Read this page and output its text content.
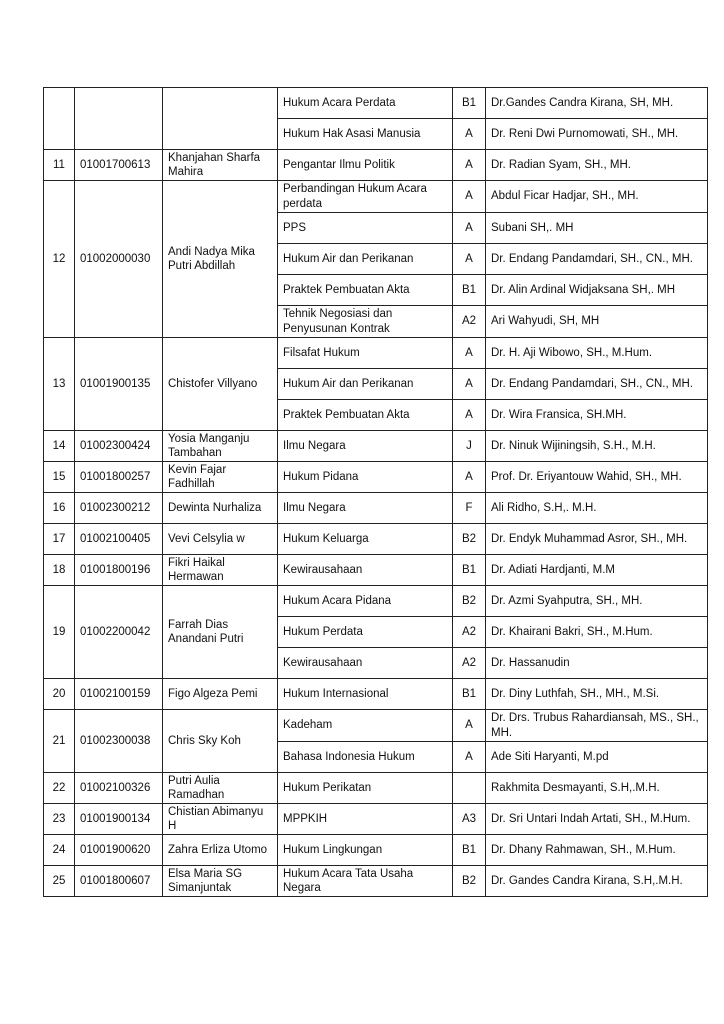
			Hukum Acara Perdata	B1	Dr.Gandes Candra Kirana, SH, MH.
			Hukum Hak Asasi Manusia	A	Dr. Reni Dwi Purnomowati, SH., MH.
11	01001700613	Khanjahan Sharfa Mahira	Pengantar Ilmu Politik	A	Dr. Radian Syam, SH., MH.
12	01002000030	Andi Nadya Mika Putri Abdillah	Perbandingan Hukum Acara perdata	A	Abdul Ficar Hadjar, SH., MH.
			PPS	A	Subani SH,. MH
			Hukum Air dan Perikanan	A	Dr. Endang Pandamdari, SH., CN., MH.
			Praktek Pembuatan Akta	B1	Dr. Alin Ardinal Widjaksana SH,. MH
			Tehnik Negosiasi dan Penyusunan Kontrak	A2	Ari Wahyudi, SH, MH
13	01001900135	Chistofer Villyano	Filsafat Hukum	A	Dr. H. Aji Wibowo, SH., M.Hum.
			Hukum Air dan Perikanan	A	Dr. Endang Pandamdari, SH., CN., MH.
			Praktek Pembuatan Akta	A	Dr. Wira Fransica, SH.MH.
14	01002300424	Yosia Manganju Tambahan	Ilmu Negara	J	Dr. Ninuk Wijiningsih, S.H., M.H.
15	01001800257	Kevin Fajar Fadhillah	Hukum Pidana	A	Prof. Dr. Eriyantouw Wahid, SH., MH.
16	01002300212	Dewinta Nurhaliza	Ilmu Negara	F	Ali Ridho, S.H,. M.H.
17	01002100405	Vevi Celsylia w	Hukum Keluarga	B2	Dr. Endyk Muhammad Asror, SH., MH.
18	01001800196	Fikri Haikal Hermawan	Kewirausahaan	B1	Dr. Adiati Hardjanti, M.M
19	01002200042	Farrah Dias Anandani Putri	Hukum Acara Pidana	B2	Dr. Azmi Syahputra, SH., MH.
			Hukum Perdata	A2	Dr. Khairani Bakri, SH., M.Hum.
			Kewirausahaan	A2	Dr. Hassanudin
20	01002100159	Figo Algeza Pemi	Hukum Internasional	B1	Dr. Diny Luthfah, SH., MH., M.Si.
21	01002300038	Chris Sky Koh	Kadeham	A	Dr. Drs. Trubus Rahardiansah, MS., SH., MH.
			Bahasa Indonesia Hukum	A	Ade Siti Haryanti, M.pd
22	01002100326	Putri Aulia Ramadhan	Hukum Perikatan		Rakhmita Desmayanti, S.H,.M.H.
23	01001900134	Chistian Abimanyu H	MPPKIH	A3	Dr. Sri Untari Indah Artati, SH., M.Hum.
24	01001900620	Zahra Erliza Utomo	Hukum Lingkungan	B1	Dr. Dhany Rahmawan, SH., M.Hum.
25	01001800607	Elsa Maria SG Simanjuntak	Hukum Acara Tata Usaha Negara	B2	Dr. Gandes Candra Kirana, S.H,.M.H.
